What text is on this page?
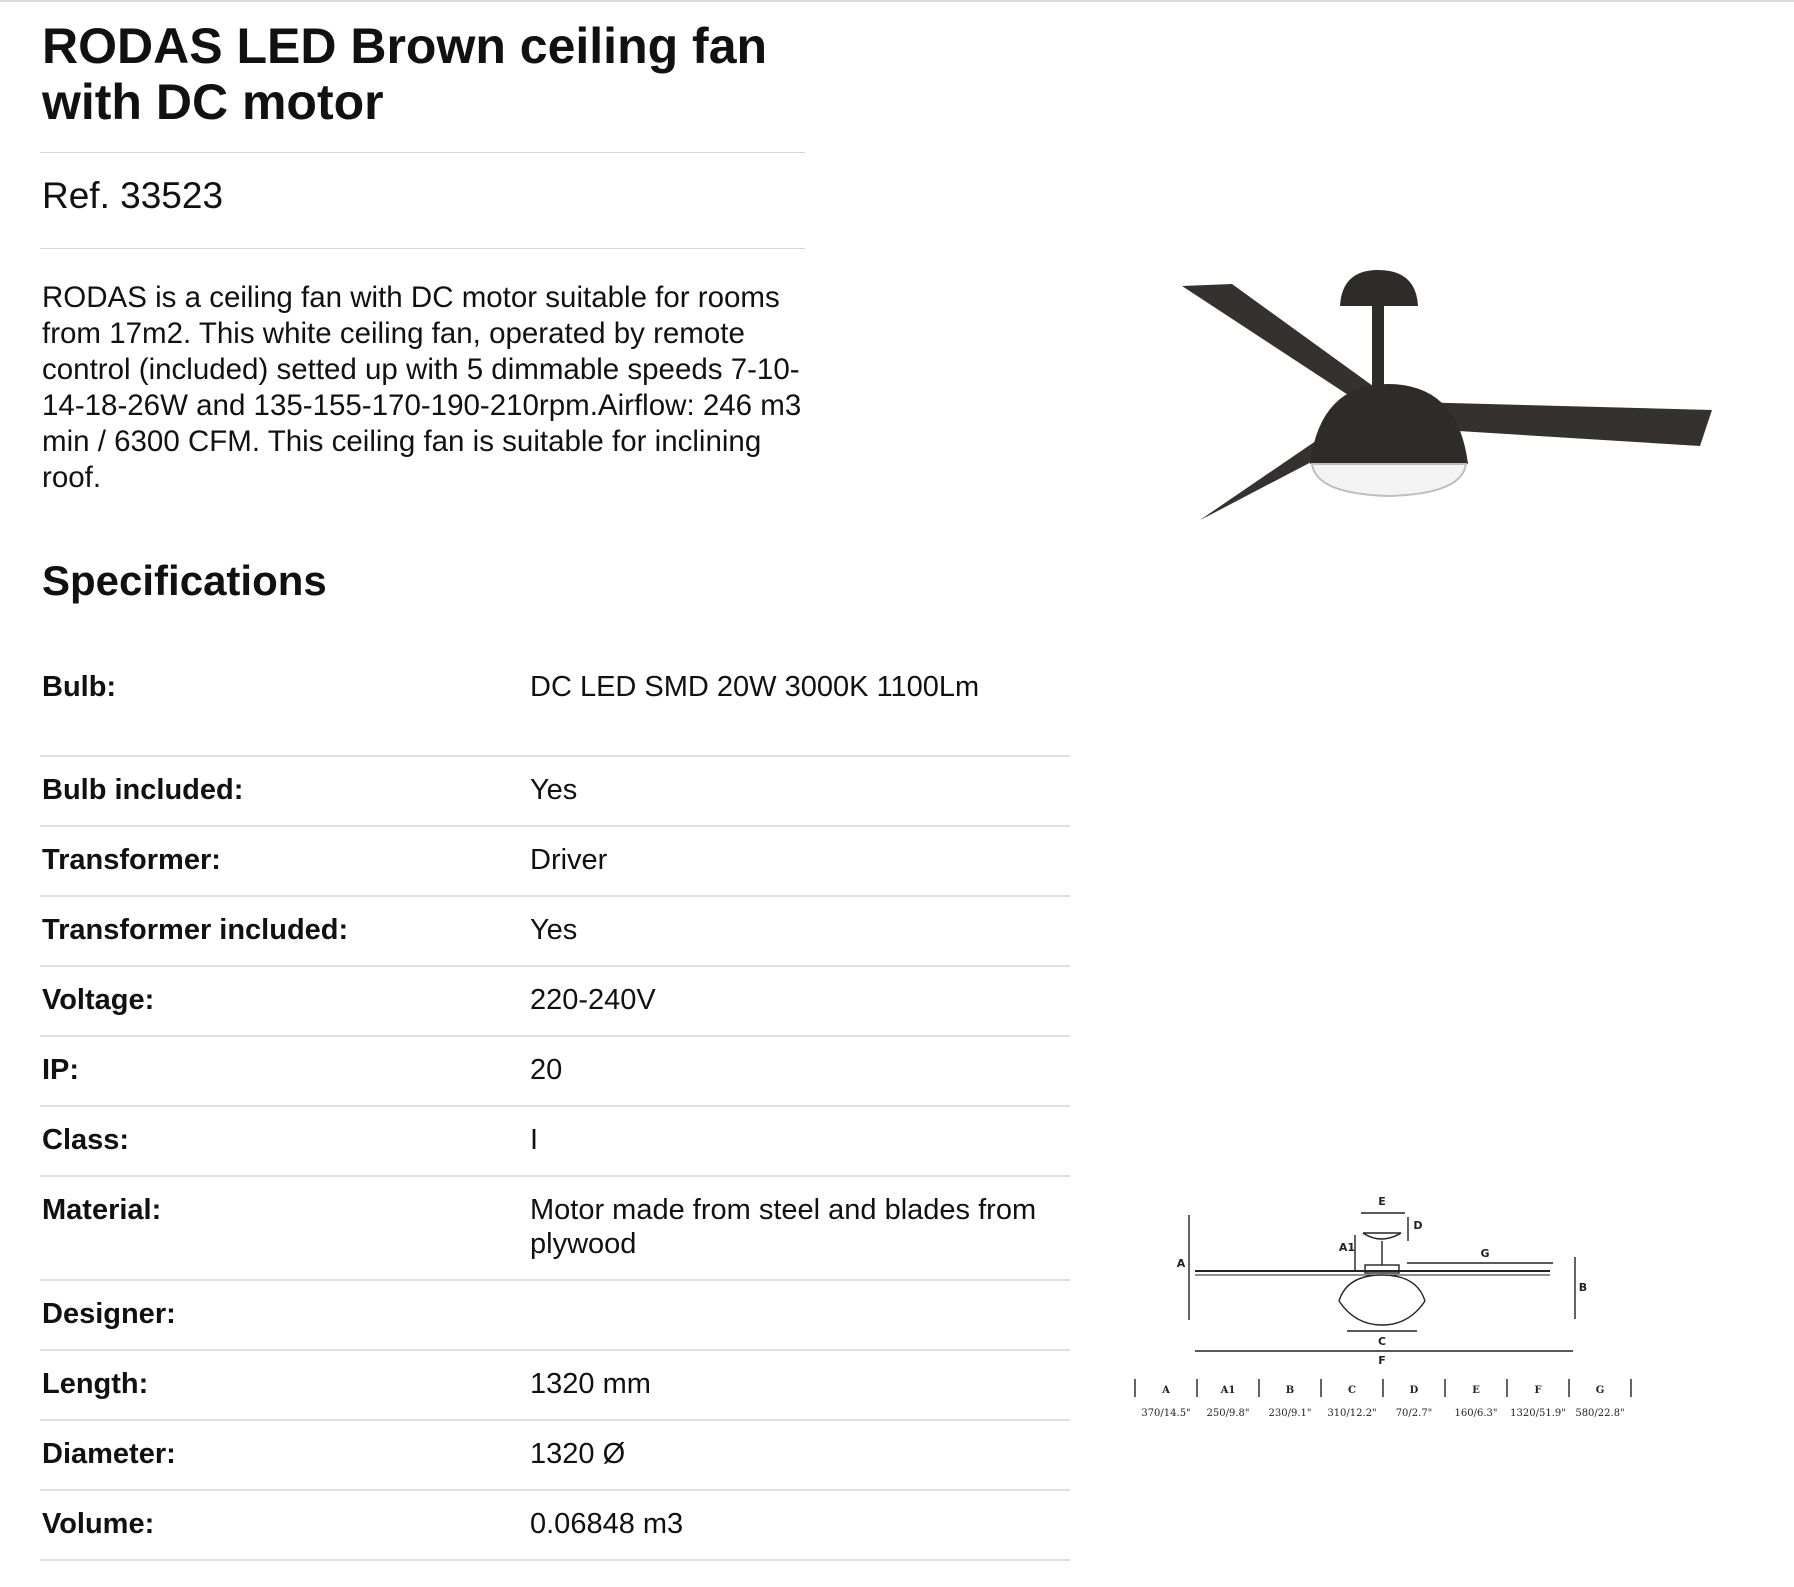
RODAS LED Brown ceiling fan with DC motor
Ref. 33523

RODAS is a ceiling fan with DC motor suitable for rooms from 17m2. This white ceiling fan, operated by remote control (included) setted up with 5 dimmable speeds 7-10-14-18-26W and 135-155-170-190-210rpm.Airflow: 246 m3 min / 6300 CFM. This ceiling fan is suitable for inclining roof.

Specifications
Bulb:	DC LED SMD 20W 3000K 1100Lm
Bulb included:	Yes
Transformer:	Driver
Transformer included:	Yes
Voltage:	220-240V
IP:	20
Class:	I
Material:	Motor made from steel and blades from plywood
Designer:
Length:	1320 mm
Diameter:	1320 Ø
Volume:	0.06848 m3
A
A1
B
C
D
E
F
G
A	A1	B	C	D	E	F	G
370/14.5" 250/9.8" 230/9.1" 310/12.2" 70/2.7" 160/6.3" 1320/51.9" 580/22.8"
